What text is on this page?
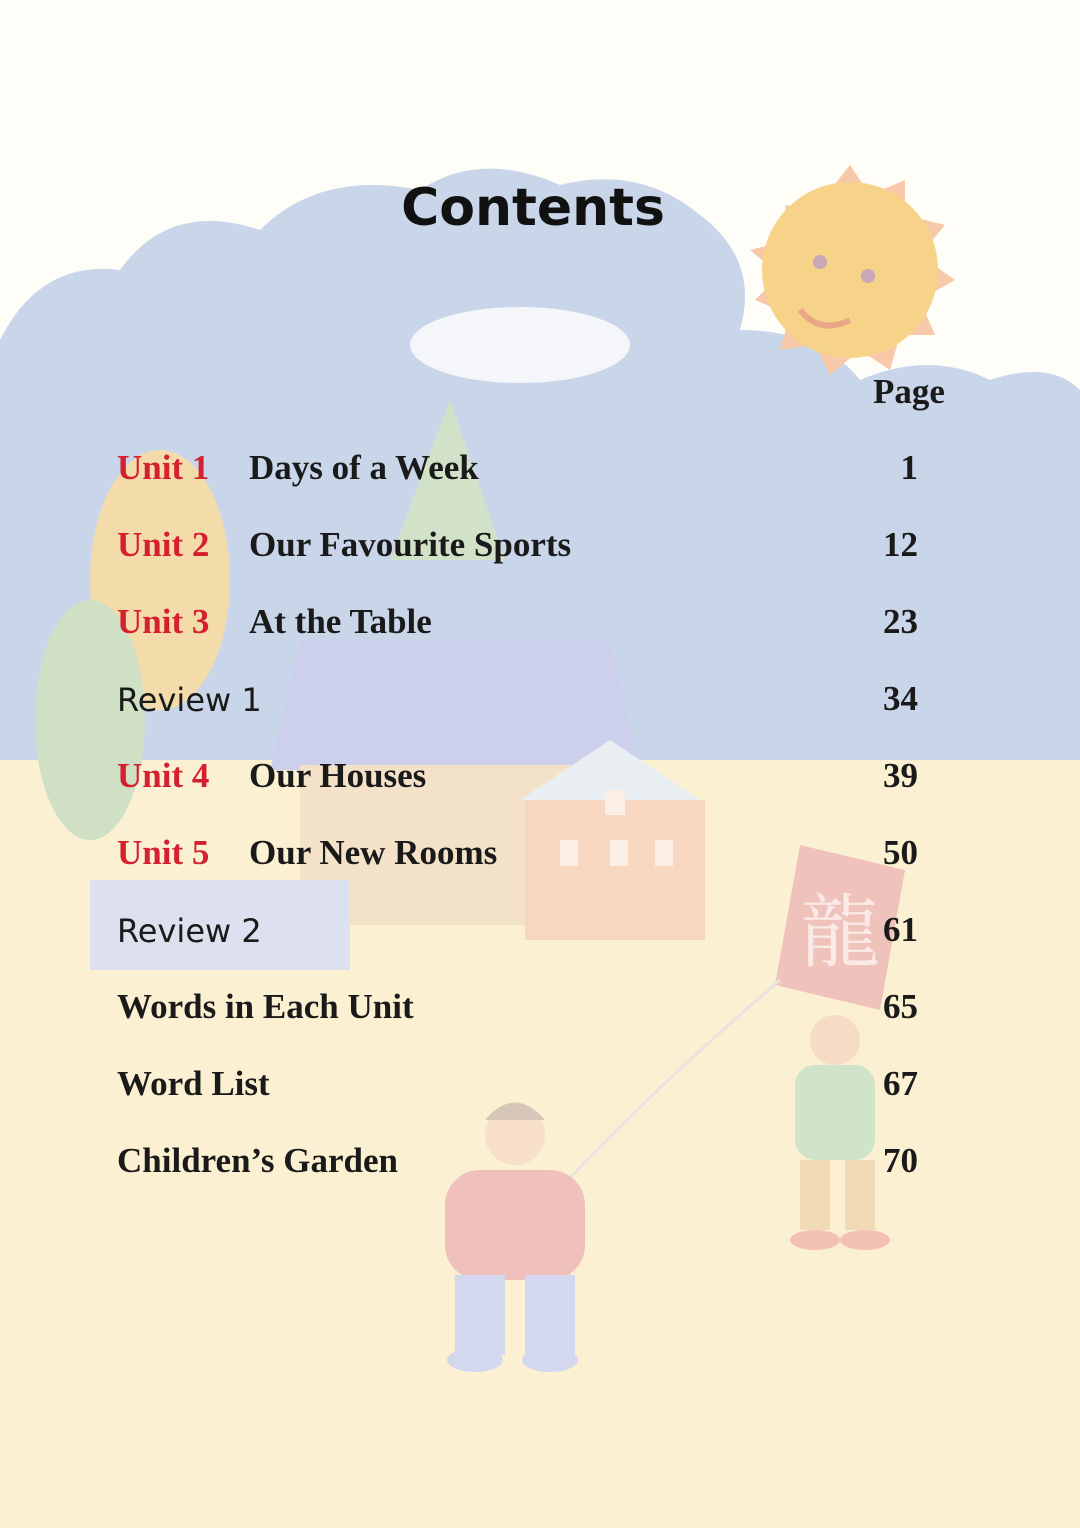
龍
Contents
Page
Unit 1 Days of a Week	1
Unit 2 Our Favourite Sports	12
Unit 3 At the Table	23
Review 1	34
Unit 4 Our Houses	39
Unit 5 Our New Rooms	50
Review 2	61
Words in Each Unit	65
Word List	67
Children’s Garden	70
